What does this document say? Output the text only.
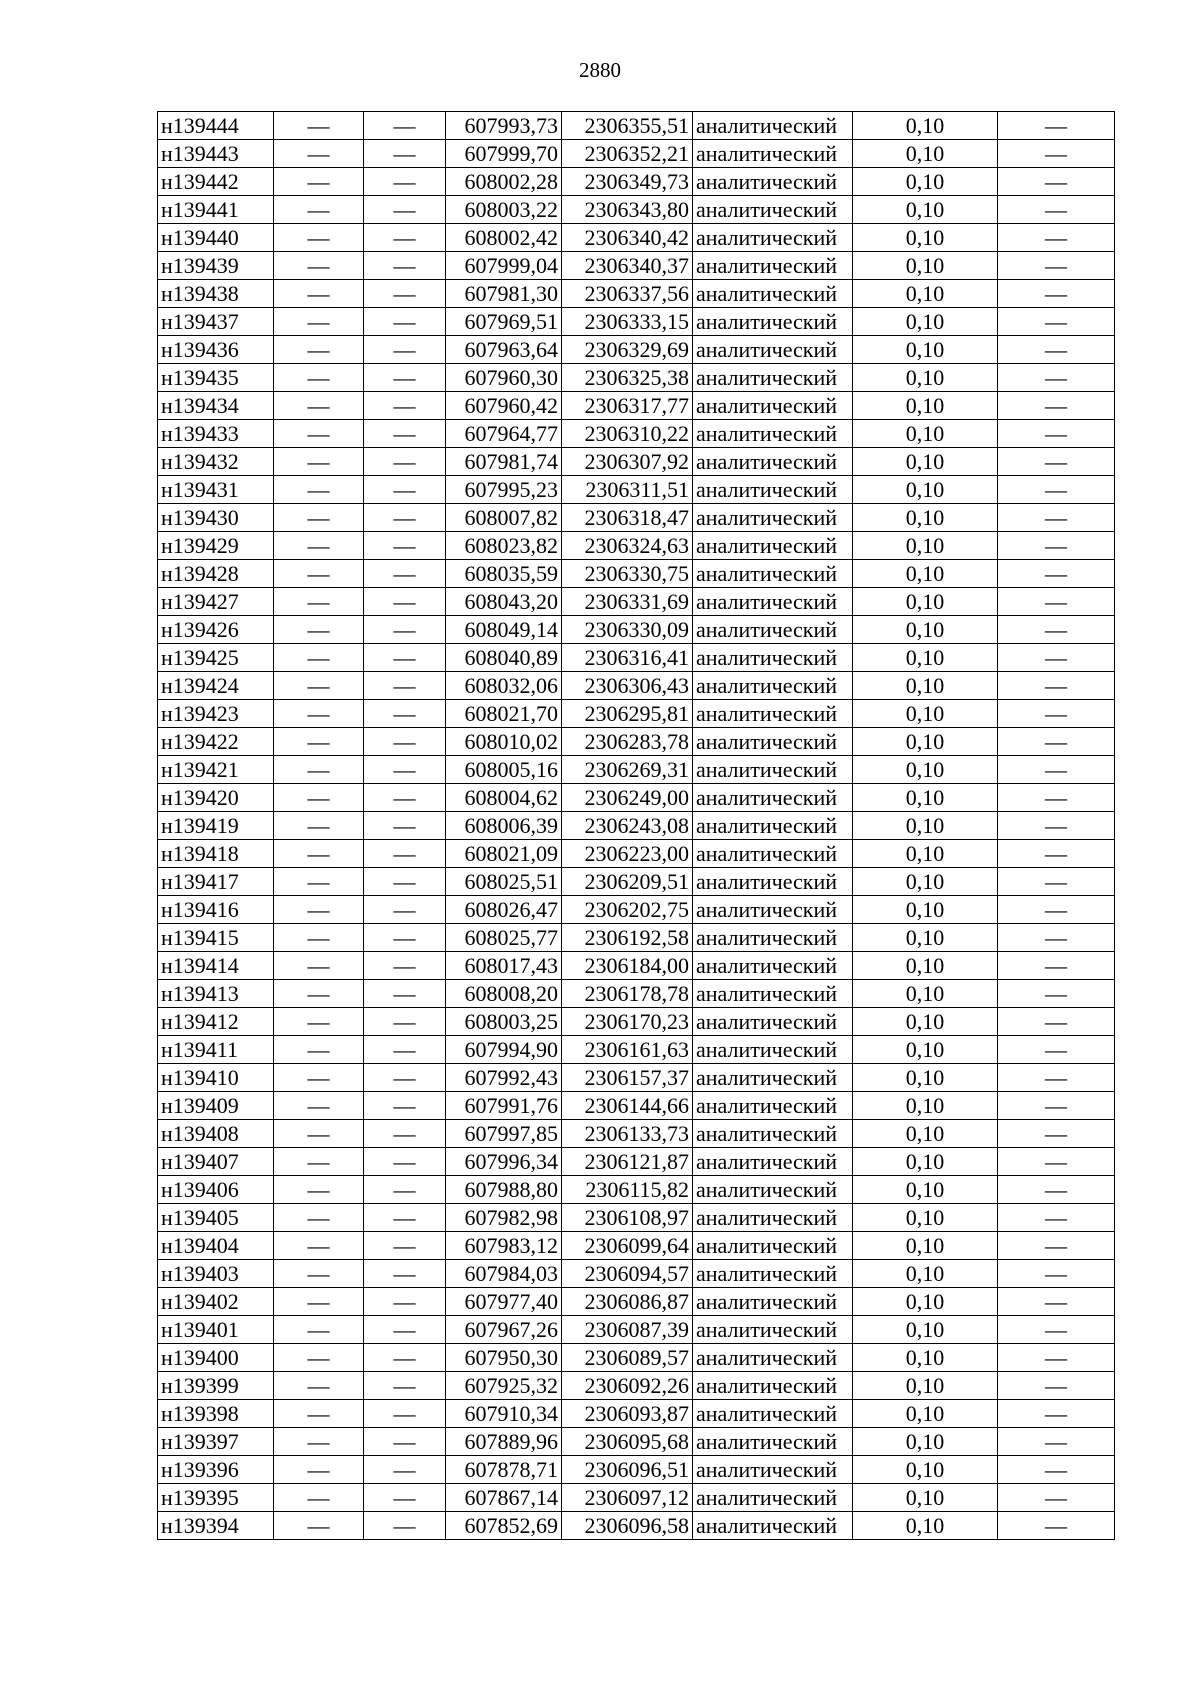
2880
н139444	—	—	607993,73	2306355,51	аналитический	0,10	—
н139443	—	—	607999,70	2306352,21	аналитический	0,10	—
н139442	—	—	608002,28	2306349,73	аналитический	0,10	—
н139441	—	—	608003,22	2306343,80	аналитический	0,10	—
н139440	—	—	608002,42	2306340,42	аналитический	0,10	—
н139439	—	—	607999,04	2306340,37	аналитический	0,10	—
н139438	—	—	607981,30	2306337,56	аналитический	0,10	—
н139437	—	—	607969,51	2306333,15	аналитический	0,10	—
н139436	—	—	607963,64	2306329,69	аналитический	0,10	—
н139435	—	—	607960,30	2306325,38	аналитический	0,10	—
н139434	—	—	607960,42	2306317,77	аналитический	0,10	—
н139433	—	—	607964,77	2306310,22	аналитический	0,10	—
н139432	—	—	607981,74	2306307,92	аналитический	0,10	—
н139431	—	—	607995,23	2306311,51	аналитический	0,10	—
н139430	—	—	608007,82	2306318,47	аналитический	0,10	—
н139429	—	—	608023,82	2306324,63	аналитический	0,10	—
н139428	—	—	608035,59	2306330,75	аналитический	0,10	—
н139427	—	—	608043,20	2306331,69	аналитический	0,10	—
н139426	—	—	608049,14	2306330,09	аналитический	0,10	—
н139425	—	—	608040,89	2306316,41	аналитический	0,10	—
н139424	—	—	608032,06	2306306,43	аналитический	0,10	—
н139423	—	—	608021,70	2306295,81	аналитический	0,10	—
н139422	—	—	608010,02	2306283,78	аналитический	0,10	—
н139421	—	—	608005,16	2306269,31	аналитический	0,10	—
н139420	—	—	608004,62	2306249,00	аналитический	0,10	—
н139419	—	—	608006,39	2306243,08	аналитический	0,10	—
н139418	—	—	608021,09	2306223,00	аналитический	0,10	—
н139417	—	—	608025,51	2306209,51	аналитический	0,10	—
н139416	—	—	608026,47	2306202,75	аналитический	0,10	—
н139415	—	—	608025,77	2306192,58	аналитический	0,10	—
н139414	—	—	608017,43	2306184,00	аналитический	0,10	—
н139413	—	—	608008,20	2306178,78	аналитический	0,10	—
н139412	—	—	608003,25	2306170,23	аналитический	0,10	—
н139411	—	—	607994,90	2306161,63	аналитический	0,10	—
н139410	—	—	607992,43	2306157,37	аналитический	0,10	—
н139409	—	—	607991,76	2306144,66	аналитический	0,10	—
н139408	—	—	607997,85	2306133,73	аналитический	0,10	—
н139407	—	—	607996,34	2306121,87	аналитический	0,10	—
н139406	—	—	607988,80	2306115,82	аналитический	0,10	—
н139405	—	—	607982,98	2306108,97	аналитический	0,10	—
н139404	—	—	607983,12	2306099,64	аналитический	0,10	—
н139403	—	—	607984,03	2306094,57	аналитический	0,10	—
н139402	—	—	607977,40	2306086,87	аналитический	0,10	—
н139401	—	—	607967,26	2306087,39	аналитический	0,10	—
н139400	—	—	607950,30	2306089,57	аналитический	0,10	—
н139399	—	—	607925,32	2306092,26	аналитический	0,10	—
н139398	—	—	607910,34	2306093,87	аналитический	0,10	—
н139397	—	—	607889,96	2306095,68	аналитический	0,10	—
н139396	—	—	607878,71	2306096,51	аналитический	0,10	—
н139395	—	—	607867,14	2306097,12	аналитический	0,10	—
н139394	—	—	607852,69	2306096,58	аналитический	0,10	—
